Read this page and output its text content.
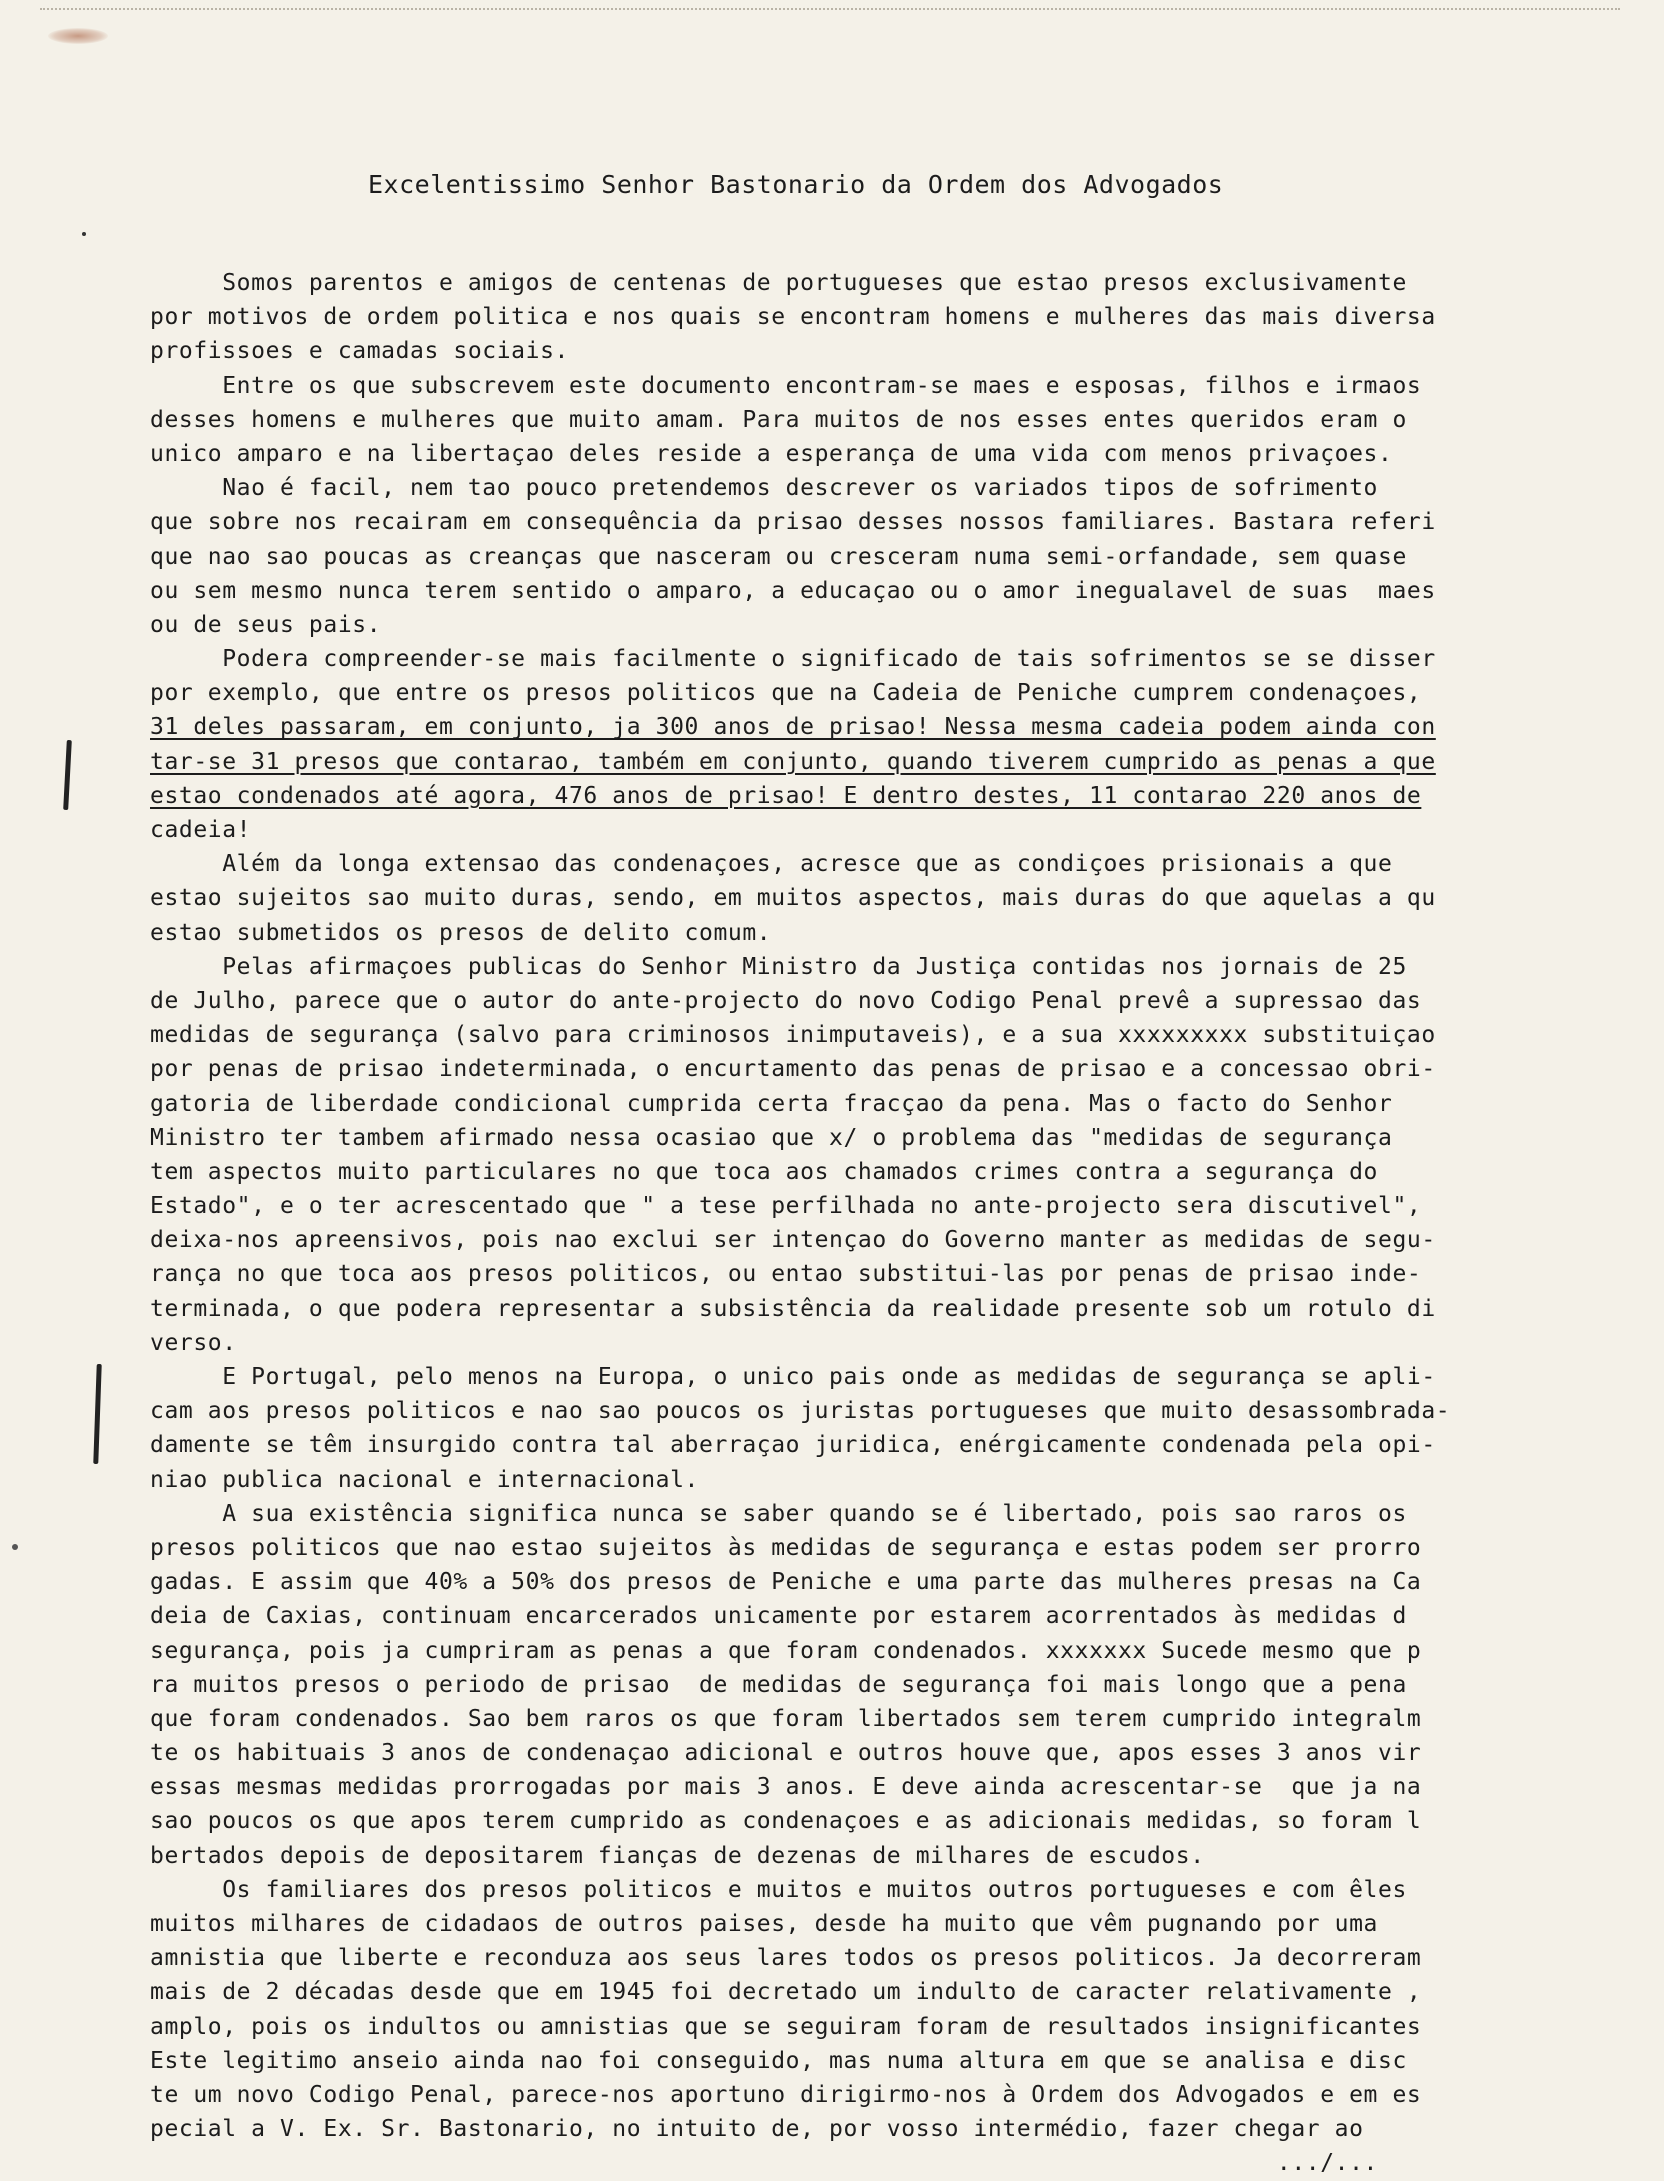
Excelentissimo Senhor Bastonario da Ordem dos Advogados
Somos parentos e amigos de centenas de portugueses que estao presos exclusivamente
por motivos de ordem politica e nos quais se encontram homens e mulheres das mais diversa
profissoes e camadas sociais.
Entre os que subscrevem este documento encontram-se maes e esposas, filhos e irmaos
desses homens e mulheres que muito amam. Para muitos de nos esses entes queridos eram o
unico amparo e na libertaçao deles reside a esperança de uma vida com menos privaçoes.
Nao é facil, nem tao pouco pretendemos descrever os variados tipos de sofrimento
que sobre nos recairam em consequência da prisao desses nossos familiares. Bastara referi
que nao sao poucas as creanças que nasceram ou cresceram numa semi-orfandade, sem quase
ou sem mesmo nunca terem sentido o amparo, a educaçao ou o amor inegualavel de suas  maes
ou de seus pais.
Podera compreender-se mais facilmente o significado de tais sofrimentos se se disser
por exemplo, que entre os presos politicos que na Cadeia de Peniche cumprem condenaçoes,
31 deles passaram, em conjunto, ja 300 anos de prisao! Nessa mesma cadeia podem ainda con
tar-se 31 presos que contarao, também em conjunto, quando tiverem cumprido as penas a que
estao condenados até agora, 476 anos de prisao! E dentro destes, 11 contarao 220 anos de
cadeia!
Além da longa extensao das condenaçoes, acresce que as condiçoes prisionais a que
estao sujeitos sao muito duras, sendo, em muitos aspectos, mais duras do que aquelas a qu
estao submetidos os presos de delito comum.
Pelas afirmaçoes publicas do Senhor Ministro da Justiça contidas nos jornais de 25
de Julho, parece que o autor do ante-projecto do novo Codigo Penal prevê a supressao das
medidas de segurança (salvo para criminosos inimputaveis), e a sua xxxxxxxxx substituiçao
por penas de prisao indeterminada, o encurtamento das penas de prisao e a concessao obri-
gatoria de liberdade condicional cumprida certa fracçao da pena. Mas o facto do Senhor
Ministro ter tambem afirmado nessa ocasiao que x/ o problema das "medidas de segurança
tem aspectos muito particulares no que toca aos chamados crimes contra a segurança do
Estado", e o ter acrescentado que " a tese perfilhada no ante-projecto sera discutivel",
deixa-nos apreensivos, pois nao exclui ser intençao do Governo manter as medidas de segu-
rança no que toca aos presos politicos, ou entao substitui-las por penas de prisao inde-
terminada, o que podera representar a subsistência da realidade presente sob um rotulo di
verso.
E Portugal, pelo menos na Europa, o unico pais onde as medidas de segurança se apli-
cam aos presos politicos e nao sao poucos os juristas portugueses que muito desassombrada-
damente se têm insurgido contra tal aberraçao juridica, enérgicamente condenada pela opi-
niao publica nacional e internacional.
A sua existência significa nunca se saber quando se é libertado, pois sao raros os
presos politicos que nao estao sujeitos às medidas de segurança e estas podem ser prorro
gadas. E assim que 40% a 50% dos presos de Peniche e uma parte das mulheres presas na Ca
deia de Caxias, continuam encarcerados unicamente por estarem acorrentados às medidas d
segurança, pois ja cumpriram as penas a que foram condenados. xxxxxxx Sucede mesmo que p
ra muitos presos o periodo de prisao  de medidas de segurança foi mais longo que a pena
que foram condenados. Sao bem raros os que foram libertados sem terem cumprido integralm
te os habituais 3 anos de condenaçao adicional e outros houve que, apos esses 3 anos vir
essas mesmas medidas prorrogadas por mais 3 anos. E deve ainda acrescentar-se  que ja na
sao poucos os que apos terem cumprido as condenaçoes e as adicionais medidas, so foram l
bertados depois de depositarem fianças de dezenas de milhares de escudos.
Os familiares dos presos politicos e muitos e muitos outros portugueses e com êles
muitos milhares de cidadaos de outros paises, desde ha muito que vêm pugnando por uma
amnistia que liberte e reconduza aos seus lares todos os presos politicos. Ja decorreram
mais de 2 décadas desde que em 1945 foi decretado um indulto de caracter relativamente ,
amplo, pois os indultos ou amnistias que se seguiram foram de resultados insignificantes
Este legitimo anseio ainda nao foi conseguido, mas numa altura em que se analisa e disc
te um novo Codigo Penal, parece-nos aportuno dirigirmo-nos à Ordem dos Advogados e em es
pecial a V. Ex. Sr. Bastonario, no intuito de, por vosso intermédio, fazer chegar ao
.../...
